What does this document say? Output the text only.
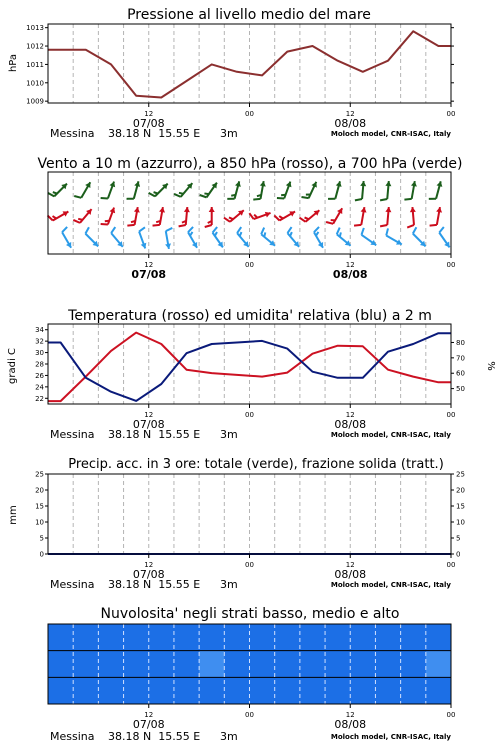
Pressione al livello medio del mare
hPa
1009
1010
1011
1012
1013
12	00	12	00
07/08	08/08
Messina 38.18 N  15.55 E 3m	Moloch model, CNR-ISAC, Italy
Vento a 10 m (azzurro), a 850 hPa (rosso), a 700 hPa (verde)
12	00	12	00
07/08	08/08
Temperatura (rosso) ed umidita' relativa (blu) a 2 m
gradi C	%
22
24
26
28
30
32
34
50
60
70
80
12	00	12	00
07/08	08/08
Messina 38.18 N  15.55 E 3m	Moloch model, CNR-ISAC, Italy
Precip. acc. in 3 ore: totale (verde), frazione solida (tratt.)
mm
0
5
10
15
20
25
0
5
10
15
20
25
12	00	12	00
07/08	08/08
Messina 38.18 N  15.55 E 3m	Moloch model, CNR-ISAC, Italy
Nuvolosita' negli strati basso, medio e alto
12	00	12	00
07/08	08/08
Messina 38.18 N  15.55 E 3m	Moloch model, CNR-ISAC, Italy
